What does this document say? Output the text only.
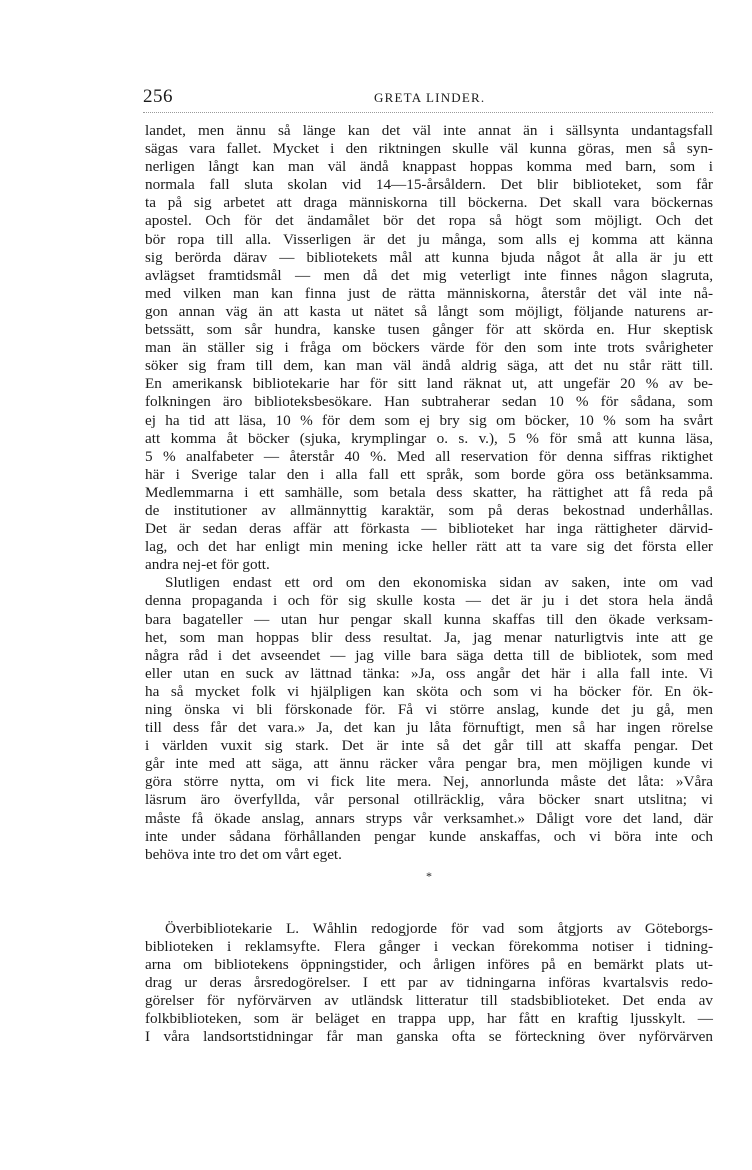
256	GRETA LINDER.
landet, men ännu så länge kan det väl inte annat än i sällsynta undantagsfall
sägas vara fallet. Mycket i den riktningen skulle väl kunna göras, men så syn-
nerligen långt kan man väl ändå knappast hoppas komma med barn, som i
normala fall sluta skolan vid 14—15-årsåldern. Det blir biblioteket, som får
ta på sig arbetet att draga människorna till böckerna. Det skall vara böckernas
apostel. Och för det ändamålet bör det ropa så högt som möjligt. Och det
bör ropa till alla. Visserligen är det ju många, som alls ej komma att känna
sig berörda därav — bibliotekets mål att kunna bjuda något åt alla är ju ett
avlägset framtidsmål — men då det mig veterligt inte finnes någon slagruta,
med vilken man kan finna just de rätta människorna, återstår det väl inte nå-
gon annan väg än att kasta ut nätet så långt som möjligt, följande naturens ar-
betssätt, som sår hundra, kanske tusen gånger för att skörda en. Hur skeptisk
man än ställer sig i fråga om böckers värde för den som inte trots svårigheter
söker sig fram till dem, kan man väl ändå aldrig säga, att det nu står rätt till.
En amerikansk bibliotekarie har för sitt land räknat ut, att ungefär 20 % av be-
folkningen äro biblioteksbesökare. Han subtraherar sedan 10 % för sådana, som
ej ha tid att läsa, 10 % för dem som ej bry sig om böcker, 10 % som ha svårt
att komma åt böcker (sjuka, krymplingar o. s. v.), 5 % för små att kunna läsa,
5 % analfabeter — återstår 40 %. Med all reservation för denna siffras riktighet
här i Sverige talar den i alla fall ett språk, som borde göra oss betänksamma.
Medlemmarna i ett samhälle, som betala dess skatter, ha rättighet att få reda på
de institutioner av allmännyttig karaktär, som på deras bekostnad underhållas.
Det är sedan deras affär att förkasta — biblioteket har inga rättigheter därvid-
lag, och det har enligt min mening icke heller rätt att ta vare sig det första eller
andra nej-et för gott.
Slutligen endast ett ord om den ekonomiska sidan av saken, inte om vad
denna propaganda i och för sig skulle kosta — det är ju i det stora hela ändå
bara bagateller — utan hur pengar skall kunna skaffas till den ökade verksam-
het, som man hoppas blir dess resultat. Ja, jag menar naturligtvis inte att ge
några råd i det avseendet — jag ville bara säga detta till de bibliotek, som med
eller utan en suck av lättnad tänka: »Ja, oss angår det här i alla fall inte. Vi
ha så mycket folk vi hjälpligen kan sköta och som vi ha böcker för. En ök-
ning önska vi bli förskonade för. Få vi större anslag, kunde det ju gå, men
till dess får det vara.» Ja, det kan ju låta förnuftigt, men så har ingen rörelse
i världen vuxit sig stark. Det är inte så det går till att skaffa pengar. Det
går inte med att säga, att ännu räcker våra pengar bra, men möjligen kunde vi
göra större nytta, om vi fick lite mera. Nej, annorlunda måste det låta: »Våra
läsrum äro överfyllda, vår personal otillräcklig, våra böcker snart utslitna; vi
måste få ökade anslag, annars stryps vår verksamhet.» Dåligt vore det land, där
inte under sådana förhållanden pengar kunde anskaffas, och vi böra inte och
behöva inte tro det om vårt eget.
*
Överbibliotekarie L. Wåhlin redogjorde för vad som åtgjorts av Göteborgs-
biblioteken i reklamsyfte. Flera gånger i veckan förekomma notiser i tidning-
arna om bibliotekens öppningstider, och årligen införes på en bemärkt plats ut-
drag ur deras årsredogörelser. I ett par av tidningarna införas kvartalsvis redo-
görelser för nyförvärven av utländsk litteratur till stadsbiblioteket. Det enda av
folkbiblioteken, som är beläget en trappa upp, har fått en kraftig ljusskylt. —
I våra landsortstidningar får man ganska ofta se förteckning över nyförvärven
